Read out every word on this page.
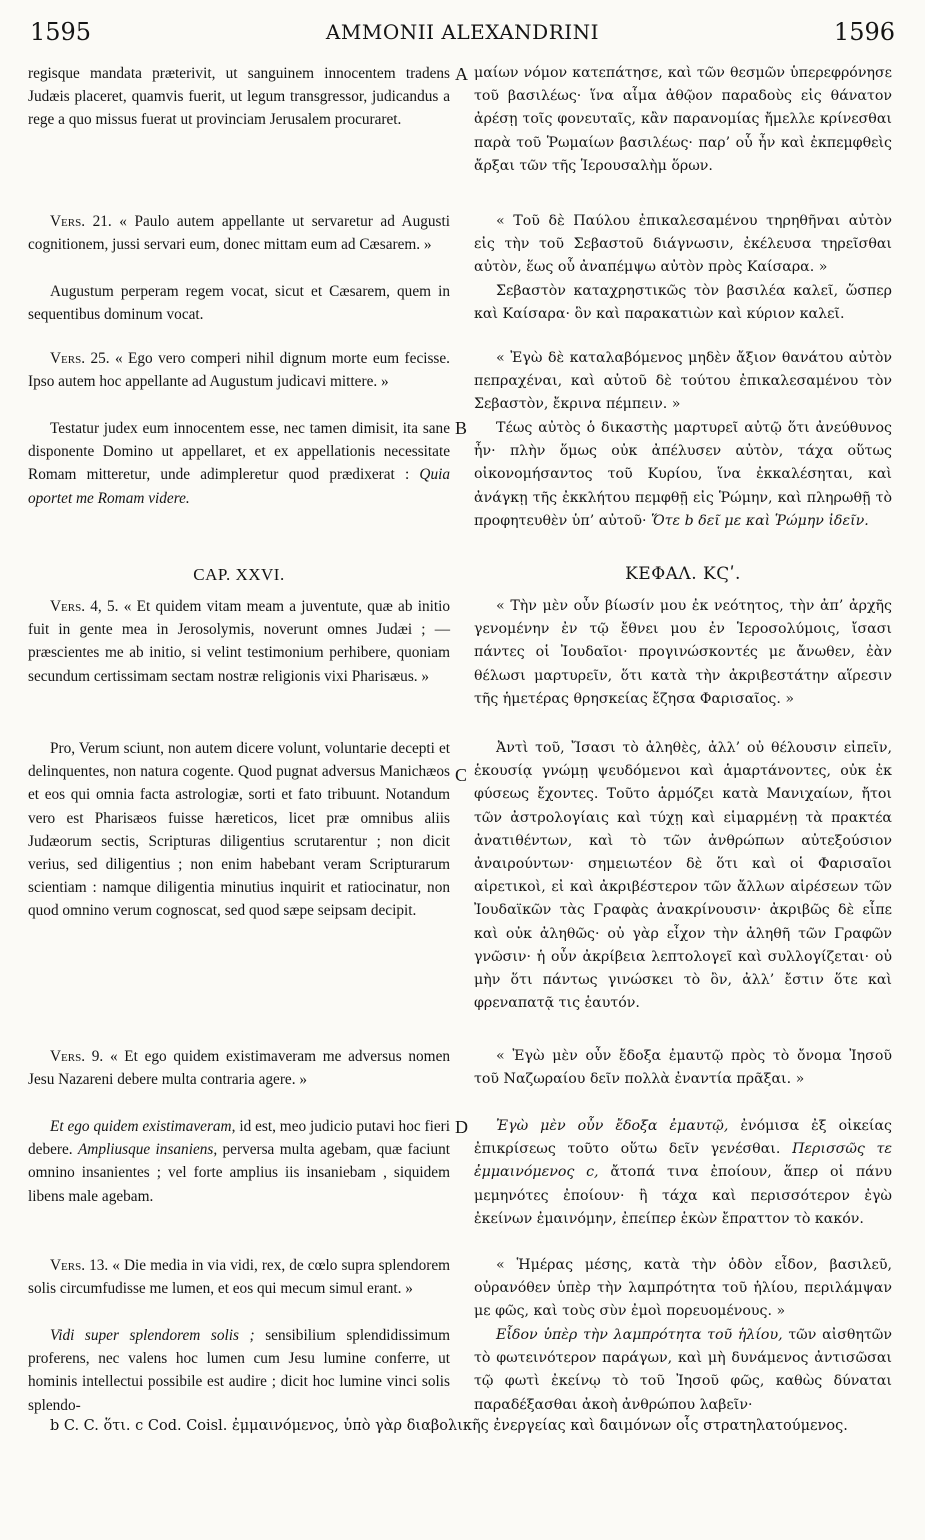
1595	AMMONII ALEXANDRINI	1596
A
B
C
D
regisque mandata præterivit, ut sanguinem innocentem tradens Judæis placeret, quamvis fuerit, ut legum transgressor, judicandus a rege a quo missus fuerat ut provinciam Jerusalem procuraret.
Vers. 21. « Paulo autem appellante ut servaretur ad Augusti cognitionem, jussi servari eum, donec mittam eum ad Cæsarem. »
Augustum perperam regem vocat, sicut et Cæsarem, quem in sequentibus dominum vocat.
Vers. 25. « Ego vero comperi nihil dignum morte eum fecisse. Ipso autem hoc appellante ad Augustum judicavi mittere. »
Testatur judex eum innocentem esse, nec tamen dimisit, ita sane disponente Domino ut appellaret, et ex appellationis necessitate Romam mitteretur, unde adimpleretur quod prædixerat : Quia oportet me Romam videre.
CAP. XXVI.
Vers. 4, 5. « Et quidem vitam meam a juventute, quæ ab initio fuit in gente mea in Jerosolymis, noverunt omnes Judæi ; — præscientes me ab initio, si velint testimonium perhibere, quoniam secundum certissimam sectam nostræ religionis vixi Pharisæus. »
Pro, Verum sciunt, non autem dicere volunt, voluntarie decepti et delinquentes, non natura cogente. Quod pugnat adversus Manichæos et eos qui omnia facta astrologiæ, sorti et fato tribuunt. Notandum vero est Pharisæos fuisse hæreticos, licet præ omnibus aliis Judæorum sectis, Scripturas diligentius scrutarentur ; non dicit verius, sed diligentius ; non enim habebant veram Scripturarum scientiam : namque diligentia minutius inquirit et ratiocinatur, non quod omnino verum cognoscat, sed quod sæpe seipsam decipit.
Vers. 9. « Et ego quidem existimaveram me adversus nomen Jesu Nazareni debere multa contraria agere. »
Et ego quidem existimaveram, id est, meo judicio putavi hoc fieri debere. Ampliusque insaniens, perversa multa agebam, quæ faciunt omnino insanientes ; vel forte amplius iis insaniebam , siquidem libens male agebam.
Vers. 13. « Die media in via vidi, rex, de cœlo supra splendorem solis circumfudisse me lumen, et eos qui mecum simul erant. »
Vidi super splendorem solis ; sensibilium splendidissimum proferens, nec valens hoc lumen cum Jesu lumine conferre, ut hominis intellectui possibile est audire ; dicit hoc lumine vinci solis splendo-
μαίων νόμον κατεπάτησε, καὶ τῶν θεσμῶν ὑπερεφρόνησε τοῦ βασιλέως· ἵνα αἷμα ἀθῷον παραδοὺς εἰς θάνατον ἀρέσῃ τοῖς φονευταῖς, κἂν παρανομίας ἤμελλε κρίνεσθαι παρὰ τοῦ Ῥωμαίων βασιλέως· παρ’ οὗ ἦν καὶ ἐκπεμφθεὶς ἄρξαι τῶν τῆς Ἱερουσαλὴμ ὅρων.
« Τοῦ δὲ Παύλου ἐπικαλεσαμένου τηρηθῆναι αὐτὸν εἰς τὴν τοῦ Σεβαστοῦ διάγνωσιν, ἐκέλευσα τηρεῖσθαι αὐτὸν, ἕως οὗ ἀναπέμψω αὐτὸν πρὸς Καίσαρα. »
Σεβαστὸν καταχρηστικῶς τὸν βασιλέα καλεῖ, ὥσπερ καὶ Καίσαρα· ὃν καὶ παρακατιὼν καὶ κύριον καλεῖ.
« Ἐγὼ δὲ καταλαβόμενος μηδὲν ἄξιον θανάτου αὐτὸν πεπραχέναι, καὶ αὐτοῦ δὲ τούτου ἐπικαλεσαμένου τὸν Σεβαστὸν, ἔκρινα πέμπειν. »
Τέως αὐτὸς ὁ δικαστὴς μαρτυρεῖ αὐτῷ ὅτι ἀνεύθυνος ἦν· πλὴν ὅμως οὐκ ἀπέλυσεν αὐτὸν, τάχα οὕτως οἰκονομήσαντος τοῦ Κυρίου, ἵνα ἐκκαλέσηται, καὶ ἀνάγκῃ τῆς ἐκκλήτου πεμφθῇ εἰς Ῥώμην, καὶ πληρωθῇ τὸ προφητευθὲν ὑπ’ αὐτοῦ· Ὅτε b δεῖ με καὶ Ῥώμην ἰδεῖν.
ΚΕΦΑΛ. ΚϚʹ.
« Τὴν μὲν οὖν βίωσίν μου ἐκ νεότητος, τὴν ἀπ’ ἀρχῆς γενομένην ἐν τῷ ἔθνει μου ἐν Ἱεροσολύμοις, ἴσασι πάντες οἱ Ἰουδαῖοι· προγινώσκοντές με ἄνωθεν, ἐὰν θέλωσι μαρτυρεῖν, ὅτι κατὰ τὴν ἀκριβεστάτην αἵρεσιν τῆς ἡμετέρας θρησκείας ἔζησα Φαρισαῖος. »
Ἀντὶ τοῦ, Ἴσασι τὸ ἀληθὲς, ἀλλ’ οὐ θέλουσιν εἰπεῖν, ἑκουσίᾳ γνώμῃ ψευδόμενοι καὶ ἁμαρτάνοντες, οὐκ ἐκ φύσεως ἔχοντες. Τοῦτο ἁρμόζει κατὰ Μανιχαίων, ἤτοι τῶν ἀστρολογίαις καὶ τύχῃ καὶ εἱμαρμένῃ τὰ πρακτέα ἀνατιθέντων, καὶ τὸ τῶν ἀνθρώπων αὐτεξούσιον ἀναιρούντων· σημειωτέον δὲ ὅτι καὶ οἱ Φαρισαῖοι αἱρετικοὶ, εἰ καὶ ἀκριβέστερον τῶν ἄλλων αἱρέσεων τῶν Ἰουδαϊκῶν τὰς Γραφὰς ἀνακρίνουσιν· ἀκριβῶς δὲ εἶπε καὶ οὐκ ἀληθῶς· οὐ γὰρ εἶχον τὴν ἀληθῆ τῶν Γραφῶν γνῶσιν· ἡ οὖν ἀκρίβεια λεπτολογεῖ καὶ συλλογίζεται· οὐ μὴν ὅτι πάντως γινώσκει τὸ ὂν, ἀλλ’ ἔστιν ὅτε καὶ φρεναπατᾷ τις ἑαυτόν.
« Ἐγὼ μὲν οὖν ἔδοξα ἐμαυτῷ πρὸς τὸ ὄνομα Ἰησοῦ τοῦ Ναζωραίου δεῖν πολλὰ ἐναντία πρᾶξαι. »
Ἐγὼ μὲν οὖν ἔδοξα ἐμαυτῷ, ἐνόμισα ἐξ οἰκείας ἐπικρίσεως τοῦτο οὕτω δεῖν γενέσθαι. Περισσῶς τε ἐμμαινόμενος c, ἄτοπά τινα ἐποίουν, ἅπερ οἱ πάνυ μεμηνότες ἐποίουν· ἢ τάχα καὶ περισσότερον ἐγὼ ἐκείνων ἐμαινόμην, ἐπείπερ ἑκὼν ἔπραττον τὸ κακόν.
« Ἡμέρας μέσης, κατὰ τὴν ὁδὸν εἶδον, βασιλεῦ, οὐρανόθεν ὑπὲρ τὴν λαμπρότητα τοῦ ἡλίου, περιλάμψαν με φῶς, καὶ τοὺς σὺν ἐμοὶ πορευομένους. »
Εἶδον ὑπὲρ τὴν λαμπρότητα τοῦ ἡλίου, τῶν αἰσθητῶν τὸ φωτεινότερον παράγων, καὶ μὴ δυνάμενος ἀντισῶσαι τῷ φωτὶ ἐκείνῳ τὸ τοῦ Ἰησοῦ φῶς, καθὼς δύναται παραδέξασθαι ἀκοὴ ἀνθρώπου λαβεῖν·
b C. C. ὅτι. c Cod. Coisl. ἐμμαινόμενος, ὑπὸ γὰρ διαβολικῆς ἐνεργείας καὶ δαιμόνων οἷς στρατηλατούμενος.
